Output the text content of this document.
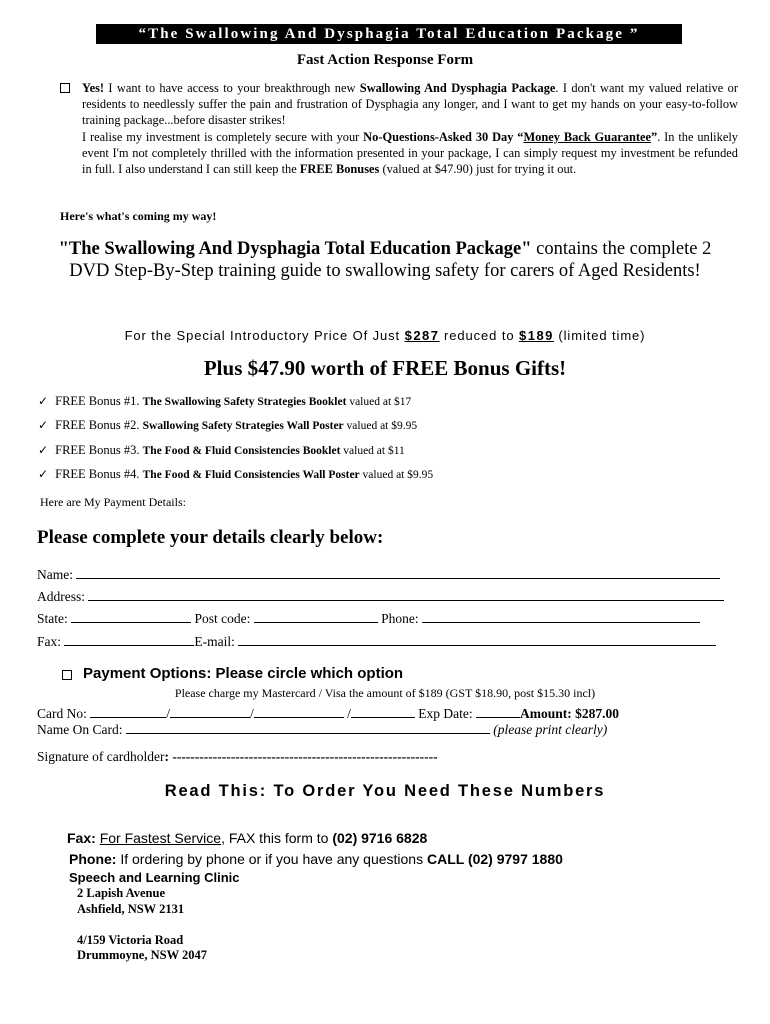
“The Swallowing And Dysphagia Total Education Package ”
Fast Action Response Form

Yes! I want to have access to your breakthrough new Swallowing And Dysphagia Package. I don't want my valued relative or residents to needlessly suffer the pain and frustration of Dysphagia any longer, and I want to get my hands on your easy-to-follow training package...before disaster strikes!

I realise my investment is completely secure with your No-Questions-Asked 30 Day “Money Back Guarantee”. In the unlikely event I'm not completely thrilled with the information presented in your package, I can simply request my investment be refunded in full. I also understand I can still keep the FREE Bonuses (valued at $47.90) just for trying it out.

Here's what's coming my way!
"The Swallowing And Dysphagia Total Education Package" contains the complete 2 DVD Step-By-Step training guide to swallowing safety for carers of Aged Residents!
For the Special Introductory Price Of Just $287 reduced to $189 (limited time)
Plus $47.90 worth of FREE Bonus Gifts!
✓ FREE Bonus #1. The Swallowing Safety Strategies Booklet valued at $17
✓ FREE Bonus #2. Swallowing Safety Strategies Wall Poster valued at $9.95
✓ FREE Bonus #3. The Food & Fluid Consistencies Booklet valued at $11
✓ FREE Bonus #4. The Food & Fluid Consistencies Wall Poster valued at $9.95
Here are My Payment Details:
Please complete your details clearly below:
Name:
Address:
State:	Post code:	Phone:
Fax:	E-mail:
Payment Options: Please circle which option
Please charge my Mastercard / Visa the amount of $189 (GST $18.90, post $15.30 incl)
Card No:	/	/	/	Exp Date:	Amount: $287.00
Name On Card:	(please print clearly)
Signature of cardholder: -----------------------------------------------------------
Read This: To Order You Need These Numbers
Fax: For Fastest Service, FAX this form to (02) 9716 6828
Phone: If ordering by phone or if you have any questions CALL (02) 9797 1880
Speech and Learning Clinic
2 Lapish Avenue
Ashfield, NSW 2131
4/159 Victoria Road
Drummoyne, NSW 2047
